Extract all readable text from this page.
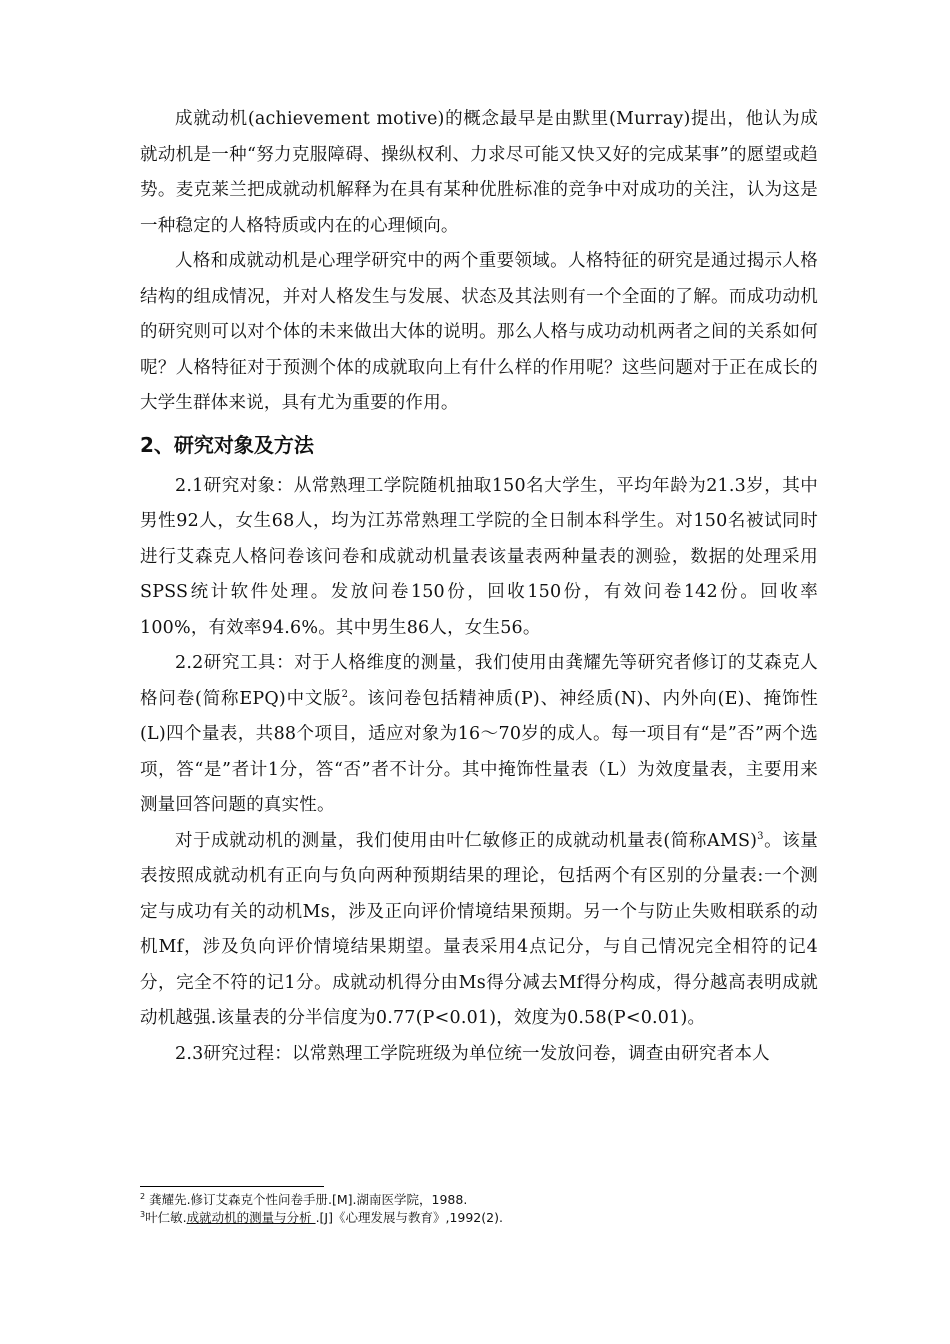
成就动机(achievement motive)的概念最早是由默里(Murray)提出，他认为成就动机是一种“努力克服障碍、操纵权利、力求尽可能又快又好的完成某事”的愿望或趋势。麦克莱兰把成就动机解释为在具有某种优胜标准的竞争中对成功的关注，认为这是一种稳定的人格特质或内在的心理倾向。

人格和成就动机是心理学研究中的两个重要领域。人格特征的研究是通过揭示人格结构的组成情况，并对人格发生与发展、状态及其法则有一个全面的了解。而成功动机的研究则可以对个体的未来做出大体的说明。那么人格与成功动机两者之间的关系如何呢？人格特征对于预测个体的成就取向上有什么样的作用呢？这些问题对于正在成长的大学生群体来说，具有尤为重要的作用。

2、研究对象及方法

2.1研究对象：从常熟理工学院随机抽取150名大学生，平均年龄为21.3岁，其中男性92人，女生68人，均为江苏常熟理工学院的全日制本科学生。对150名被试同时进行艾森克人格问卷该问卷和成就动机量表该量表两种量表的测验，数据的处理采用SPSS统计软件处理。发放问卷150份，回收150份，有效问卷142份。回收率100%，有效率94.6%。其中男生86人，女生56。

2.2研究工具：对于人格维度的测量，我们使用由龚耀先等研究者修订的艾森克人格问卷(简称EPQ)中文版$^2$。该问卷包括精神质(P)、神经质(N)、内外向(E)、掩饰性(L)四个量表，共88个项目，适应对象为16～70岁的成人。每一项目有“是”否”两个选项，答“是”者计1分，答“否”者不计分。其中掩饰性量表（L）为效度量表，主要用来测量回答问题的真实性。

对于成就动机的测量，我们使用由叶仁敏修正的成就动机量表(简称AMS)$^3$。该量表按照成就动机有正向与负向两种预期结果的理论，包括两个有区别的分量表:一个测定与成功有关的动机Ms，涉及正向评价情境结果预期。另一个与防止失败相联系的动机Mf，涉及负向评价情境结果期望。量表采用4点记分，与自己情况完全相符的记4分，完全不符的记1分。成就动机得分由Ms得分减去Mf得分构成，得分越高表明成就动机越强.该量表的分半信度为0.77(P<0.01)，效度为0.58(P<0.01)。

2.3研究过程：以常熟理工学院班级为单位统一发放问卷，调查由研究者本人

$^2$ 龚耀先.修订艾森克个性问卷手册.[M].湖南医学院，1988.

$^3$叶仁敏.成就动机的测量与分析 .[J]《心理发展与教育》,1992(2).
